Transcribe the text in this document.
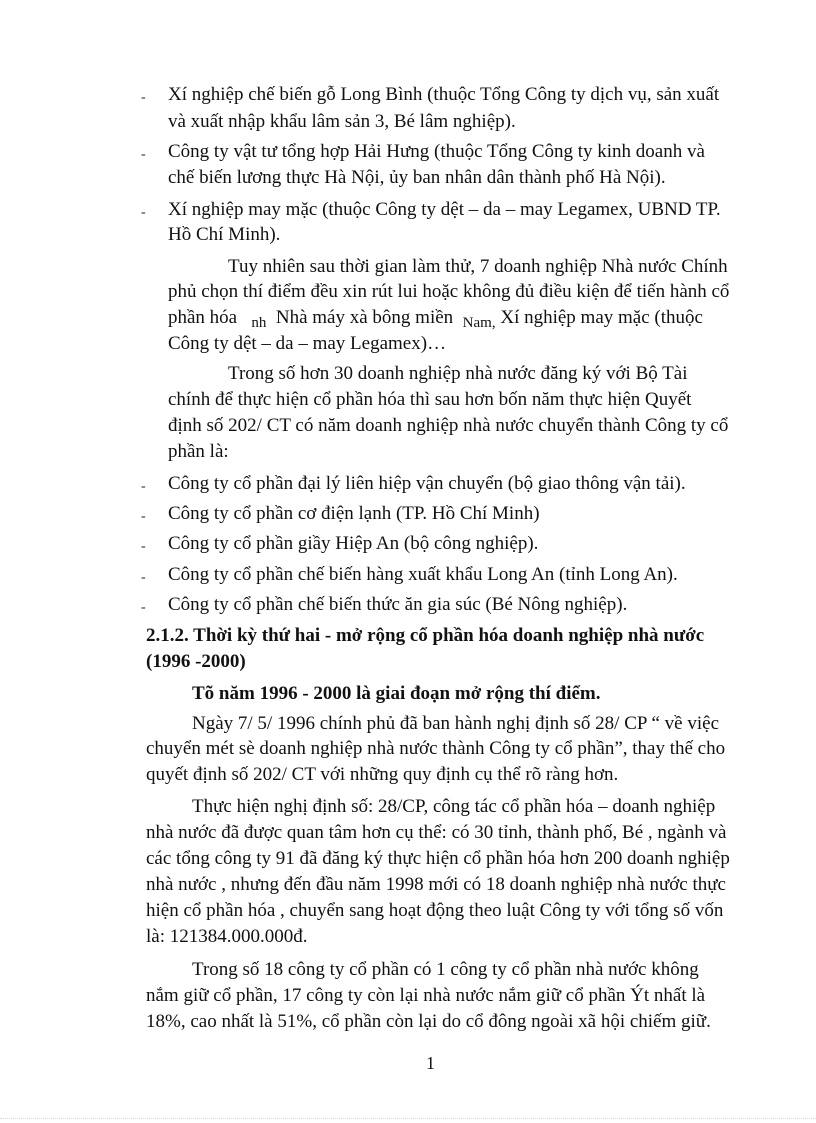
- Xí nghiệp chế biến gỗ Long Bình (thuộc Tổng Công ty dịch vụ, sản xuất
và xuất nhập khẩu lâm sản 3, Bé lâm nghiệp).
- Công ty vật tư tổng hợp Hải Hưng (thuộc Tổng Công ty kinh doanh và
chế biến lương thực Hà Nội, ủy ban nhân dân thành phố Hà Nội).
- Xí nghiệp may mặc (thuộc Công ty dệt – da – may Legamex, UBND TP.
Hồ Chí Minh).
Tuy nhiên sau thời gian làm thử, 7 doanh nghiệp Nhà nước Chính
phủ chọn thí điểm đều xin rút lui hoặc không đủ điều kiện để tiến hành cổ
phần hóa $_{nh}$ Nhà máy xà bông miền $_{Nam,}$ Xí nghiệp may mặc (thuộc
Công ty dệt – da – may Legamex)…
Trong số hơn 30 doanh nghiệp nhà nước đăng ký với Bộ Tài
chính để thực hiện cổ phần hóa thì sau hơn bốn năm thực hiện Quyết
định số 202/ CT có năm doanh nghiệp nhà nước chuyển thành Công ty cổ
phần là:
- Công ty cổ phần đại lý liên hiệp vận chuyển (bộ giao thông vận tải).
- Công ty cổ phần cơ điện lạnh (TP. Hồ Chí Minh)
- Công ty cổ phần giầy Hiệp An (bộ công nghiệp).
- Công ty cổ phần chế biến hàng xuất khẩu Long An (tỉnh Long An).
- Công ty cổ phần chế biến thức ăn gia súc (Bé Nông nghiệp).
2.1.2. Thời kỳ thứ hai - mở rộng cổ phần hóa doanh nghiệp nhà nước
(1996 -2000)
Tõ năm 1996 - 2000 là giai đoạn mở rộng thí điểm.
Ngày 7/ 5/ 1996 chính phủ đã ban hành nghị định số 28/ CP “ về việc
chuyển mét sè doanh nghiệp nhà nước thành Công ty cổ phần”, thay thế cho
quyết định số 202/ CT với những quy định cụ thể rõ ràng hơn.
Thực hiện nghị định số: 28/CP, công tác cổ phần hóa – doanh nghiệp
nhà nước đã được quan tâm hơn cụ thể: có 30 tỉnh, thành phố, Bé , ngành và
các tổng công ty 91 đã đăng ký thực hiện cổ phần hóa hơn 200 doanh nghiệp
nhà nước , nhưng đến đầu năm 1998 mới có 18 doanh nghiệp nhà nước thực
hiện cổ phần hóa , chuyển sang hoạt động theo luật Công ty với tổng số vốn
là: 121384.000.000đ.
Trong số 18 công ty cổ phần có 1 công ty cổ phần nhà nước không
nắm giữ cổ phần, 17 công ty còn lại nhà nước nắm giữ cổ phần Ýt nhất là
18%, cao nhất là 51%, cổ phần còn lại do cổ đông ngoài xã hội chiếm giữ.
1
